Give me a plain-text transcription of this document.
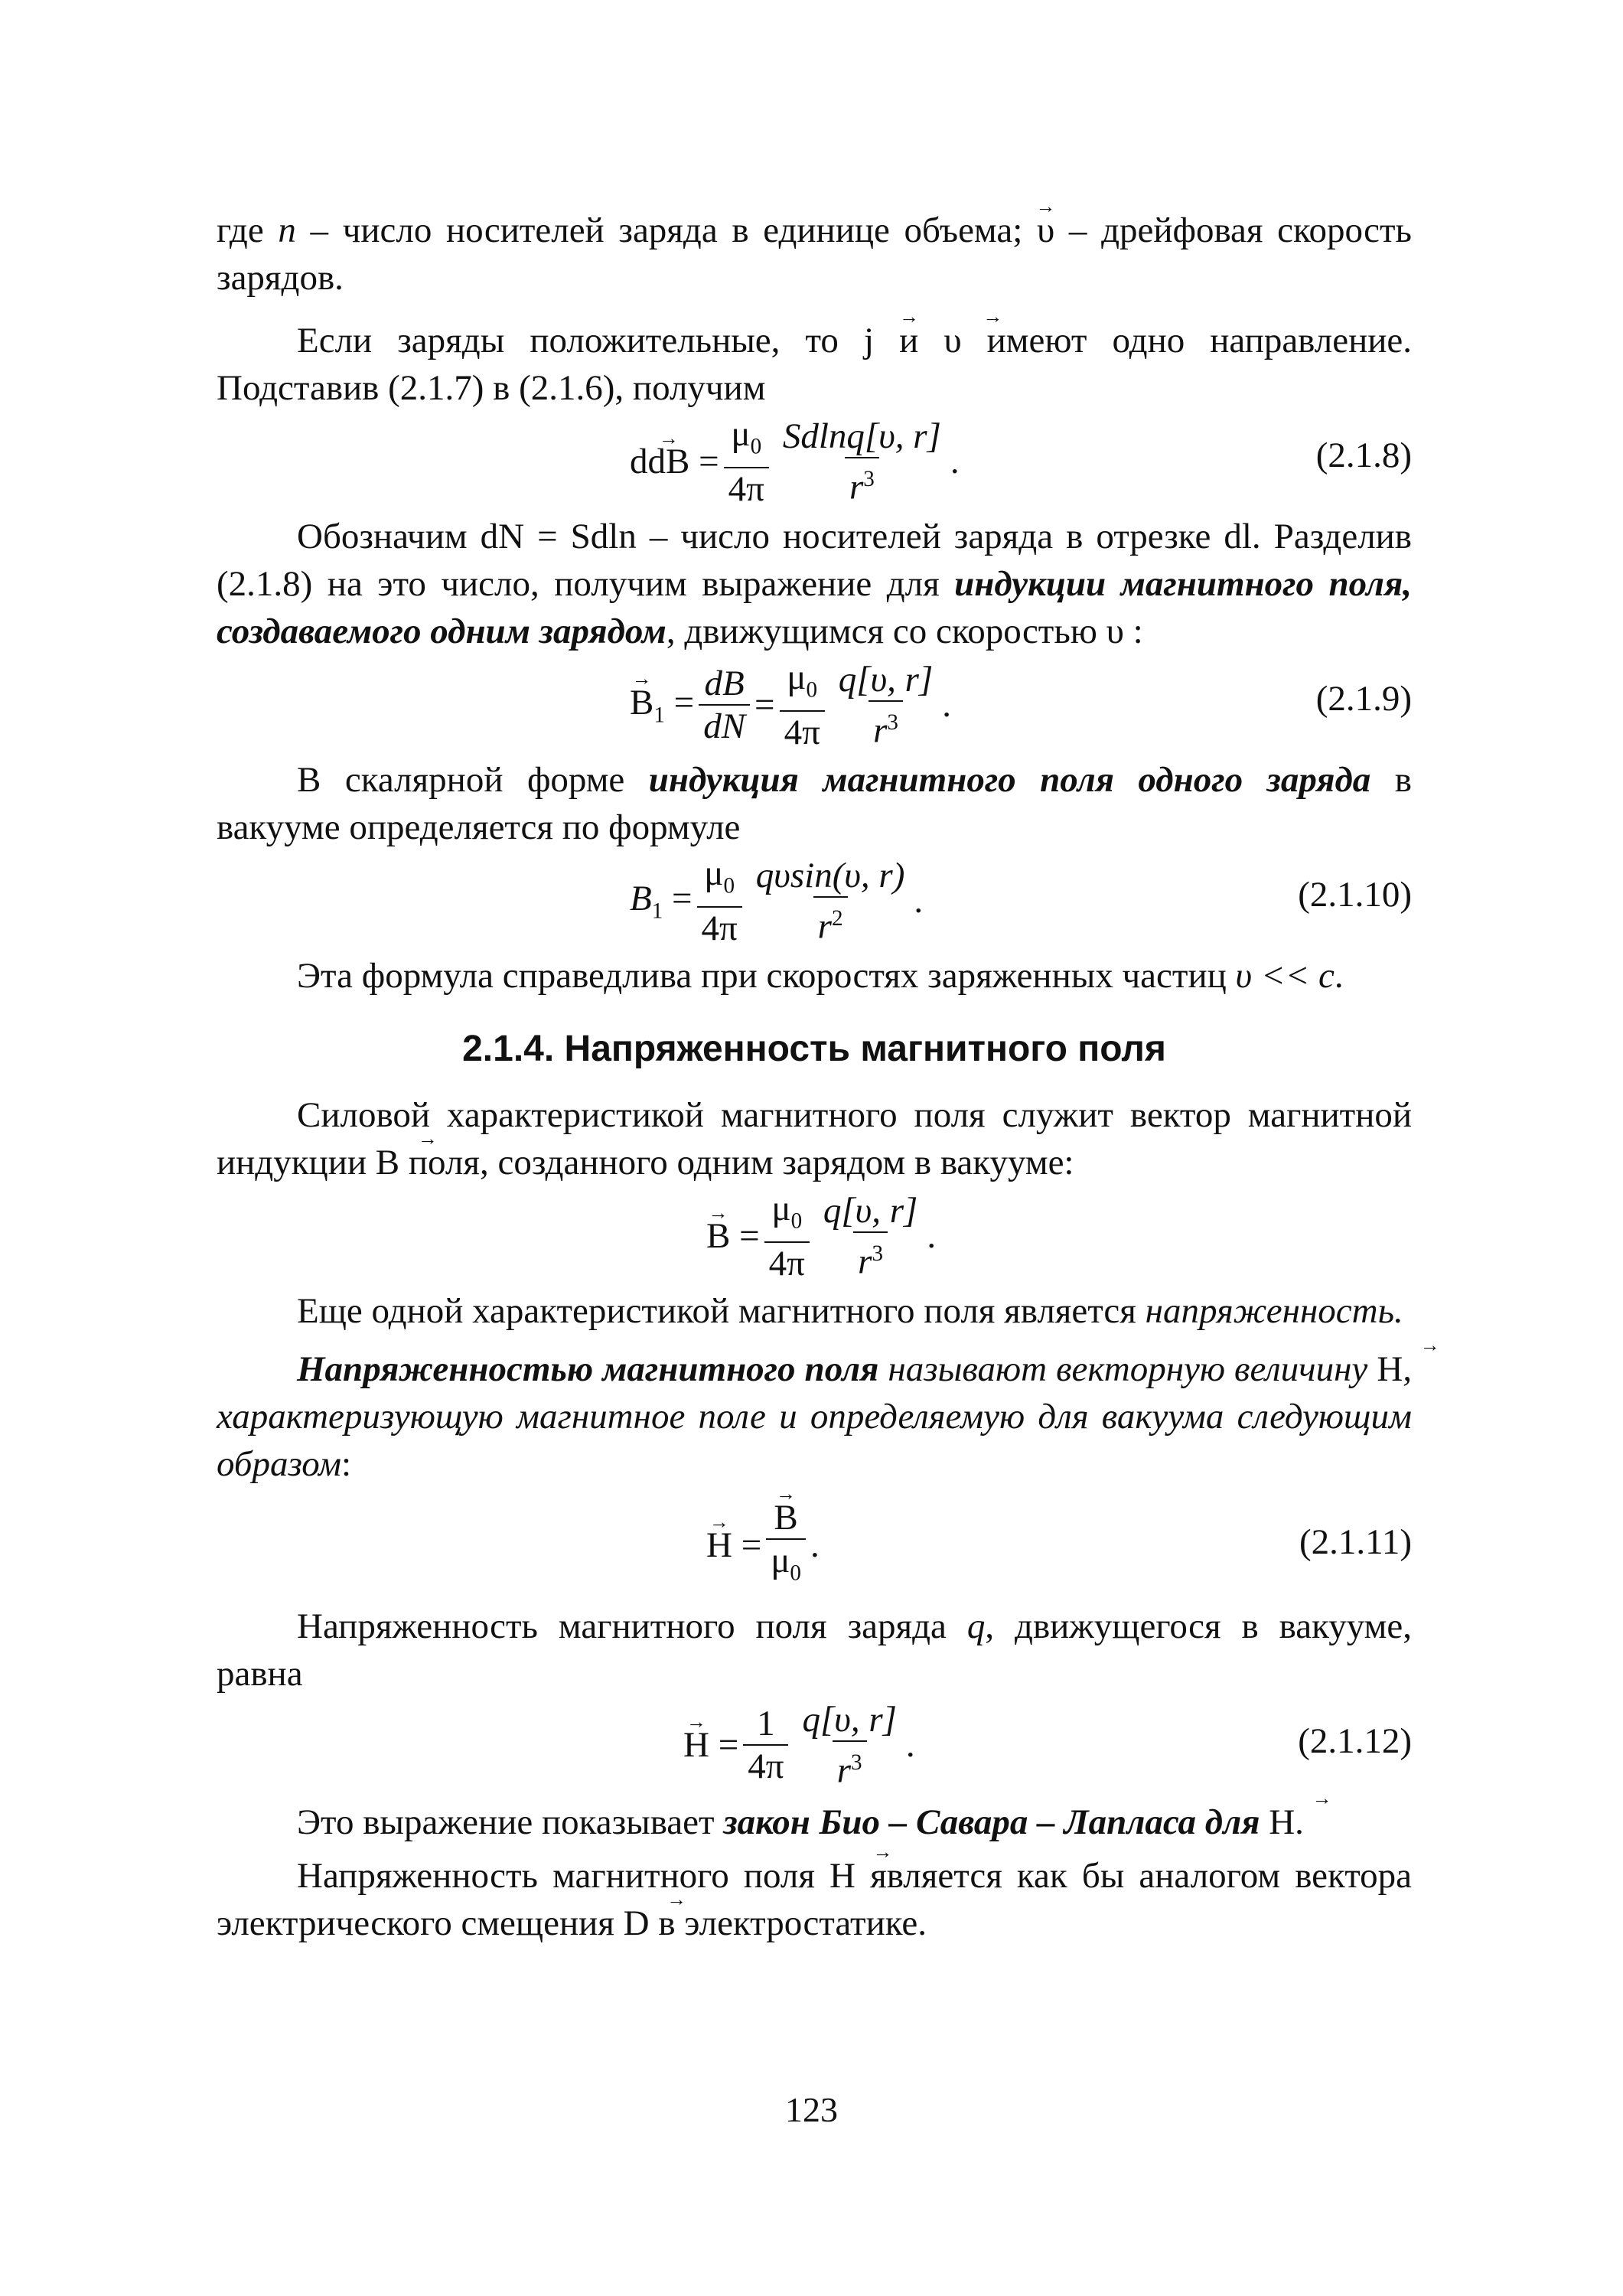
где n – число носителей заряда в единице объема; → υ – дрейфовая скорость зарядов.

Если заряды положительные, то → j и → υ имеют одно направление. Подставив (2.1.7) в (2.1.6), получим

d→ dB = $\frac{\mu_0}{4\pi} \frac{Sdlnq[\upsilon, r]}{r^3}$ .	(2.1.8)

Обозначим dN = Sdln – число носителей заряда в отрезке dl. Разделив (2.1.8) на это число, получим выражение для индукции магнитного поля, создаваемого одним зарядом, движущимся со скоростью υ :

→ $B_1 = \frac{dB}{dN} = \frac{\mu_0}{4\pi} \frac{q[\upsilon, r]}{r^3}$ .	(2.1.9)

В скалярной форме индукция магнитного поля одного заряда в вакууме определяется по формуле

$B_1 = \frac{\mu_0}{4\pi} \frac{q\upsilon\sin(\upsilon, r)}{r^2}$ .	(2.1.10)

Эта формула справедлива при скоростях заряженных частиц υ << c.

2.1.4. Напряженность магнитного поля

Силовой характеристикой магнитного поля служит вектор магнитной индукции → B поля, созданного одним зарядом в вакууме:

→ $B = \frac{\mu_0}{4\pi} \frac{q[\upsilon, r]}{r^3}$ .

Еще одной характеристикой магнитного поля является напряженность.

Напряженностью магнитного поля называют векторную величину → H, характеризующую магнитное поле и определяемую для вакуума следующим образом:

→ H = → $\frac{B}{\mu_0}$ .	(2.1.11)

Напряженность магнитного поля заряда q, движущегося в вакууме, равна

→ $H = \frac{1}{4\pi} \frac{q[\upsilon, r]}{r^3}$ .	(2.1.12)

Это выражение показывает закон Био – Савара – Лапласа для → H.

Напряженность магнитного поля → H является как бы аналогом вектора электрического смещения → D в электростатике.

123
